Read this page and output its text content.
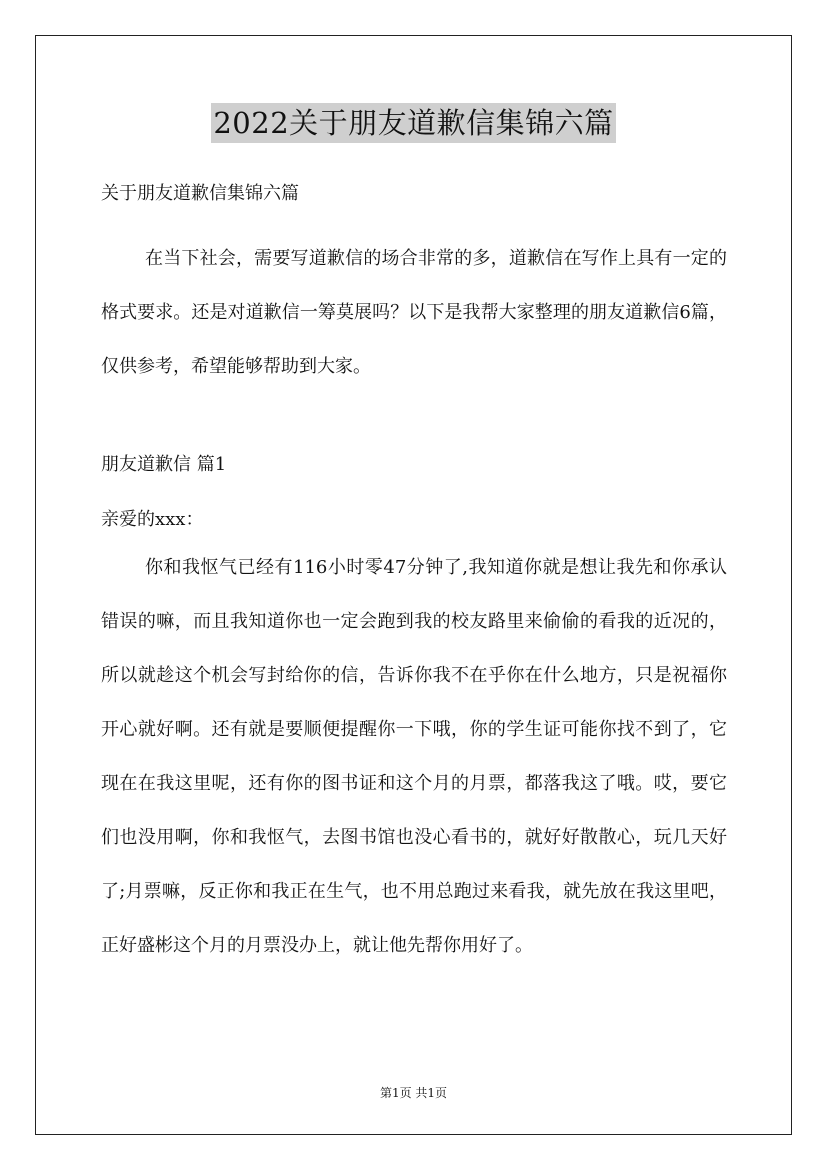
2022关于朋友道歉信集锦六篇
关于朋友道歉信集锦六篇
在当下社会，需要写道歉信的场合非常的多，道歉信在写作上具有一定的格式要求。还是对道歉信一筹莫展吗？以下是我帮大家整理的朋友道歉信6篇，仅供参考，希望能够帮助到大家。
朋友道歉信 篇1
亲爱的xxx：
你和我怄气已经有116小时零47分钟了,我知道你就是想让我先和你承认错误的嘛，而且我知道你也一定会跑到我的校友路里来偷偷的看我的近况的，所以就趁这个机会写封给你的信，告诉你我不在乎你在什么地方，只是祝福你开心就好啊。还有就是要顺便提醒你一下哦，你的学生证可能你找不到了，它现在在我这里呢，还有你的图书证和这个月的月票，都落我这了哦。哎，要它们也没用啊，你和我怄气，去图书馆也没心看书的，就好好散散心，玩几天好了;月票嘛，反正你和我正在生气，也不用总跑过来看我，就先放在我这里吧，正好盛彬这个月的月票没办上，就让他先帮你用好了。
第1页 共1页
